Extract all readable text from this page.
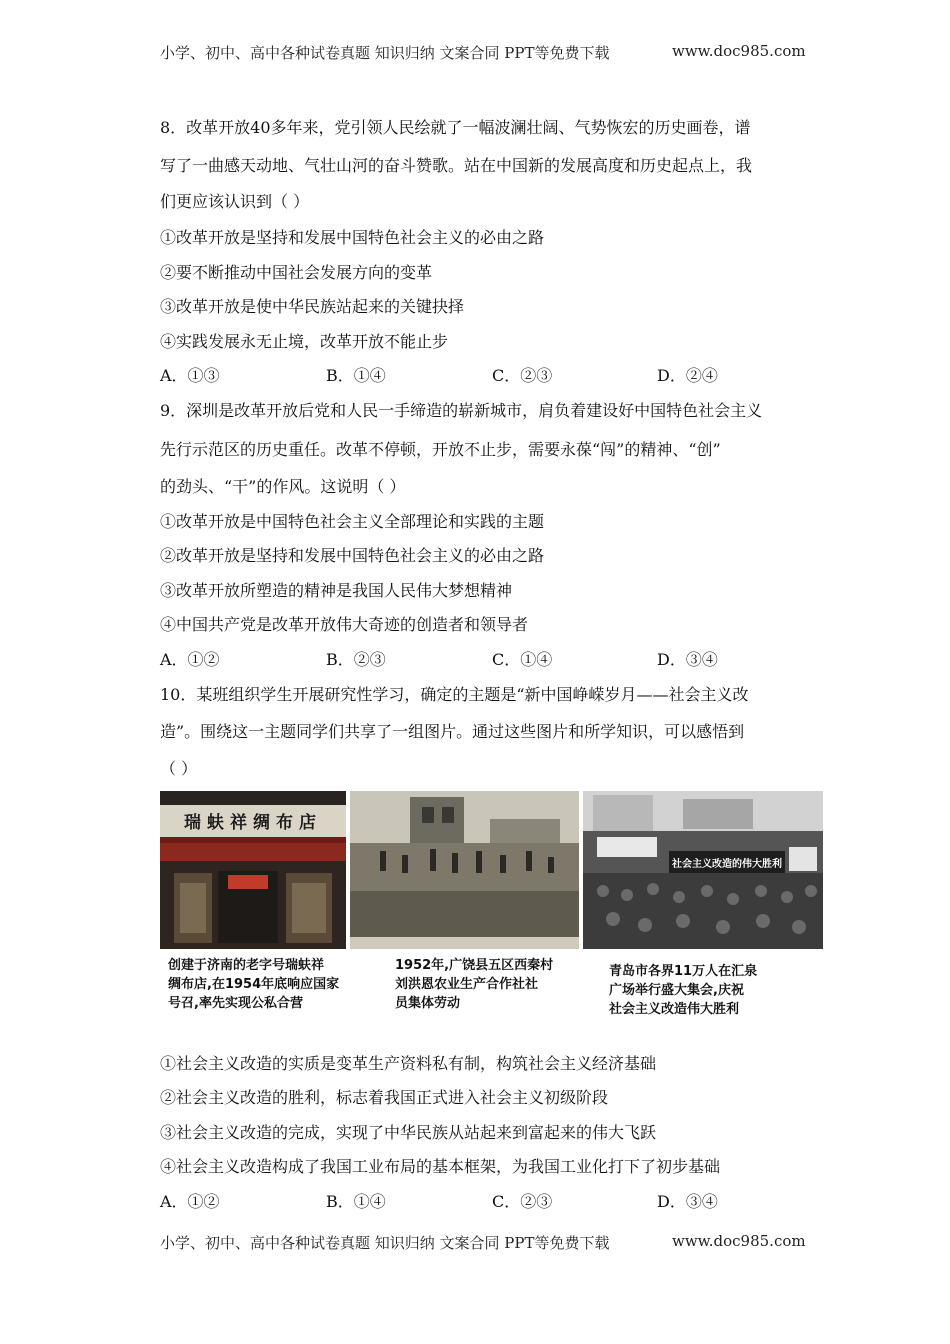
小学、初中、高中各种试卷真题 知识归纳 文案合同 PPT等免费下载	www.doc985.com
8．改革开放40多年来，党引领人民绘就了一幅波澜壮阔、气势恢宏的历史画卷，谱
写了一曲感天动地、气壮山河的奋斗赞歌。站在中国新的发展高度和历史起点上，我
们更应该认识到（ ）
①改革开放是坚持和发展中国特色社会主义的必由之路
②要不断推动中国社会发展方向的变革
③改革开放是使中华民族站起来的关键抉择
④实践发展永无止境，改革开放不能止步
A．①③	B．①④	C．②③	D．②④
9．深圳是改革开放后党和人民一手缔造的崭新城市，肩负着建设好中国特色社会主义
先行示范区的历史重任。改革不停顿，开放不止步，需要永葆“闯”的精神、“创”
的劲头、“干”的作风。这说明（ ）
①改革开放是中国特色社会主义全部理论和实践的主题
②改革开放是坚持和发展中国特色社会主义的必由之路
③改革开放所塑造的精神是我国人民伟大梦想精神
④中国共产党是改革开放伟大奇迹的创造者和领导者
A．①②	B．②③	C．①④	D．③④
10．某班组织学生开展研究性学习，确定的主题是“新中国峥嵘岁月——社会主义改
造”。围绕这一主题同学们共享了一组图片。通过这些图片和所学知识，可以感悟到
（ ）
瑞蚨祥绸布店
社会主义改造的伟大胜利
创建于济南的老字号瑞蚨祥
绸布店,在1954年底响应国家
号召,率先实现公私合营
1952年,广饶县五区西秦村
刘洪恩农业生产合作社社
员集体劳动
青岛市各界11万人在汇泉
广场举行盛大集会,庆祝
社会主义改造伟大胜利
①社会主义改造的实质是变革生产资料私有制，构筑社会主义经济基础
②社会主义改造的胜利，标志着我国正式进入社会主义初级阶段
③社会主义改造的完成，实现了中华民族从站起来到富起来的伟大飞跃
④社会主义改造构成了我国工业布局的基本框架，为我国工业化打下了初步基础
A．①②	B．①④	C．②③	D．③④
小学、初中、高中各种试卷真题 知识归纳 文案合同 PPT等免费下载	www.doc985.com
